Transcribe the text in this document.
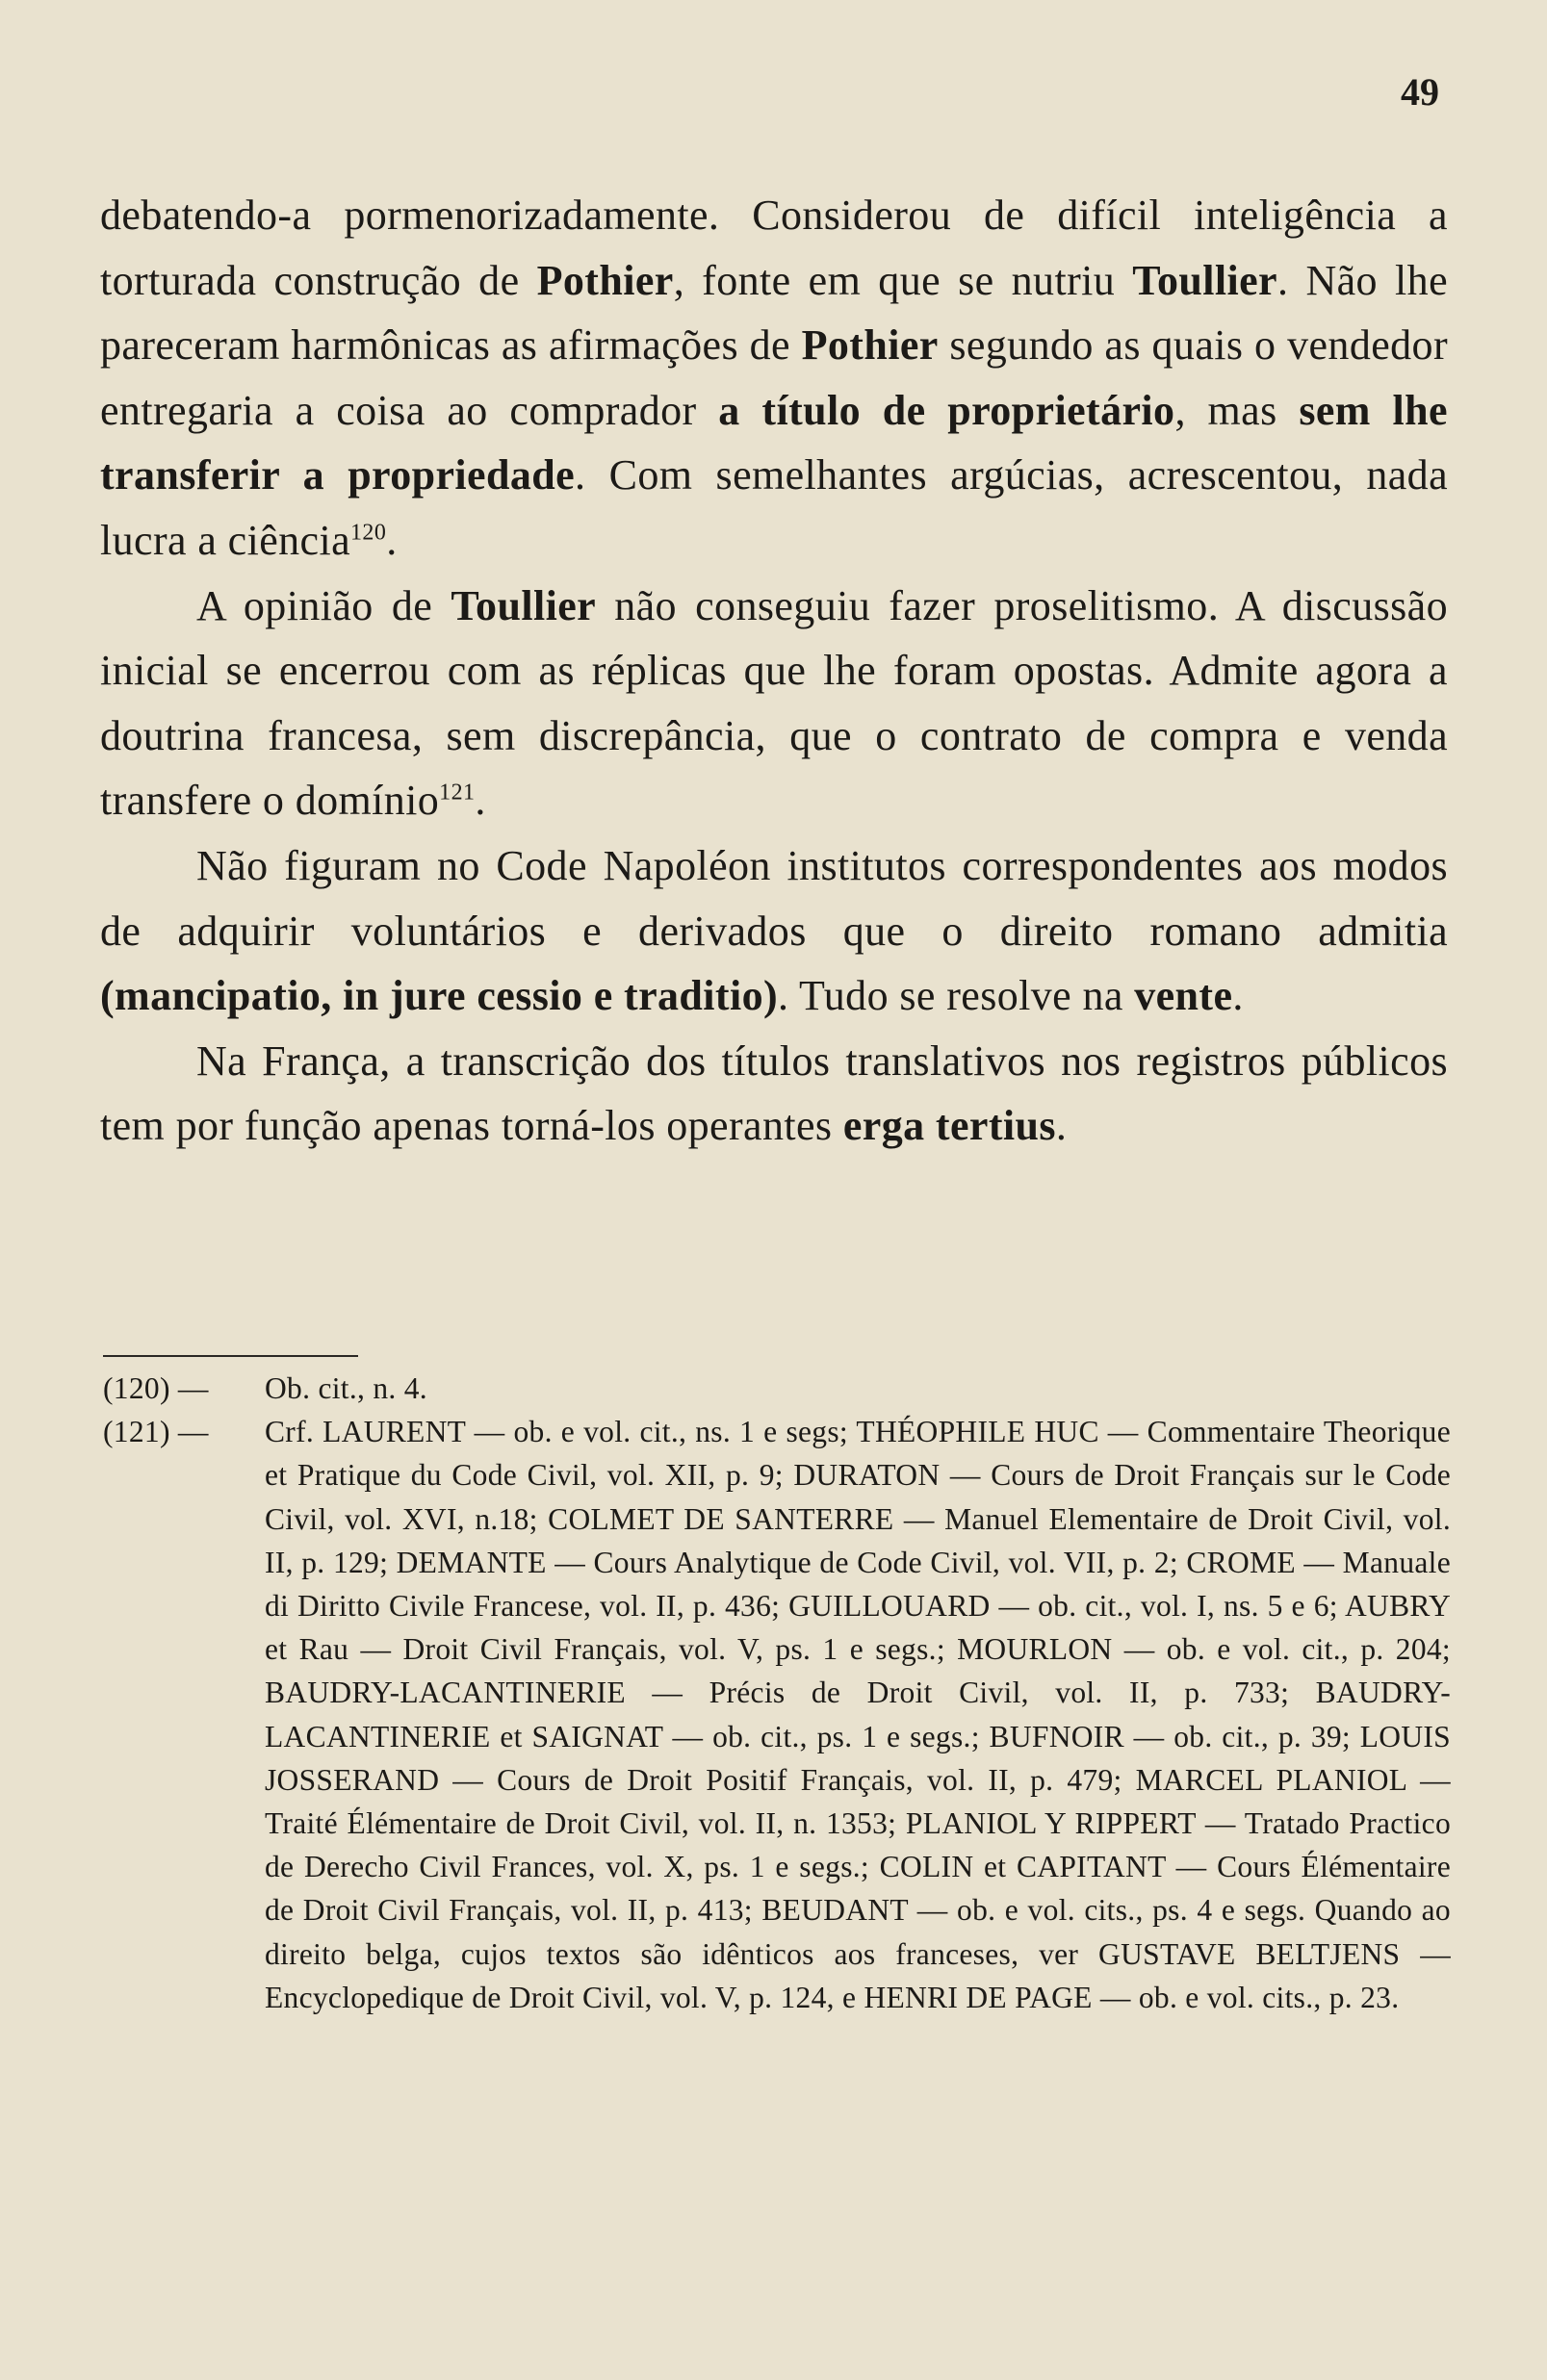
49

debatendo-a pormenorizadamente. Considerou de difícil inteligência a torturada construção de Pothier, fonte em que se nutriu Toullier. Não lhe pareceram harmônicas as afirmações de Pothier segundo as quais o vendedor entregaria a coisa ao comprador a título de proprietário, mas sem lhe transferir a propriedade. Com semelhantes argúcias, acrescentou, nada lucra a ciência$^{120}$.

A opinião de Toullier não conseguiu fazer proselitismo. A discussão inicial se encerrou com as réplicas que lhe foram opostas. Admite agora a doutrina francesa, sem discrepância, que o contrato de compra e venda transfere o domínio$^{121}$.

Não figuram no Code Napoléon institutos correspondentes aos modos de adquirir voluntários e derivados que o direito romano admitia (mancipatio, in jure cessio e traditio). Tudo se resolve na vente.

Na França, a transcrição dos títulos translativos nos registros públicos tem por função apenas torná-los operantes erga tertius.

(120) — Ob. cit., n. 4.
(121) — Crf. LAURENT — ob. e vol. cit., ns. 1 e segs; THÉOPHILE HUC — Commentaire Theorique et Pratique du Code Civil, vol. XII, p. 9; DURATON — Cours de Droit Français sur le Code Civil, vol. XVI, n.18; COLMET DE SANTERRE — Manuel Elementaire de Droit Civil, vol. II, p. 129; DEMANTE — Cours Analytique de Code Civil, vol. VII, p. 2; CROME — Manuale di Diritto Civile Francese, vol. II, p. 436; GUILLOUARD — ob. cit., vol. I, ns. 5 e 6; AUBRY et Rau — Droit Civil Français, vol. V, ps. 1 e segs.; MOURLON — ob. e vol. cit., p. 204; BAUDRY-LACANTINERIE — Précis de Droit Civil, vol. II, p. 733; BAUDRY-LACANTINERIE et SAIGNAT — ob. cit., ps. 1 e segs.; BUFNOIR — ob. cit., p. 39; LOUIS JOSSERAND — Cours de Droit Positif Français, vol. II, p. 479; MARCEL PLANIOL — Traité Élémentaire de Droit Civil, vol. II, n. 1353; PLANIOL Y RIPPERT — Tratado Practico de Derecho Civil Frances, vol. X, ps. 1 e segs.; COLIN et CAPITANT — Cours Élémentaire de Droit Civil Français, vol. II, p. 413; BEUDANT — ob. e vol. cits., ps. 4 e segs. Quando ao direito belga, cujos textos são idênticos aos franceses, ver GUSTAVE BELTJENS — Encyclopedique de Droit Civil, vol. V, p. 124, e HENRI DE PAGE — ob. e vol. cits., p. 23.
